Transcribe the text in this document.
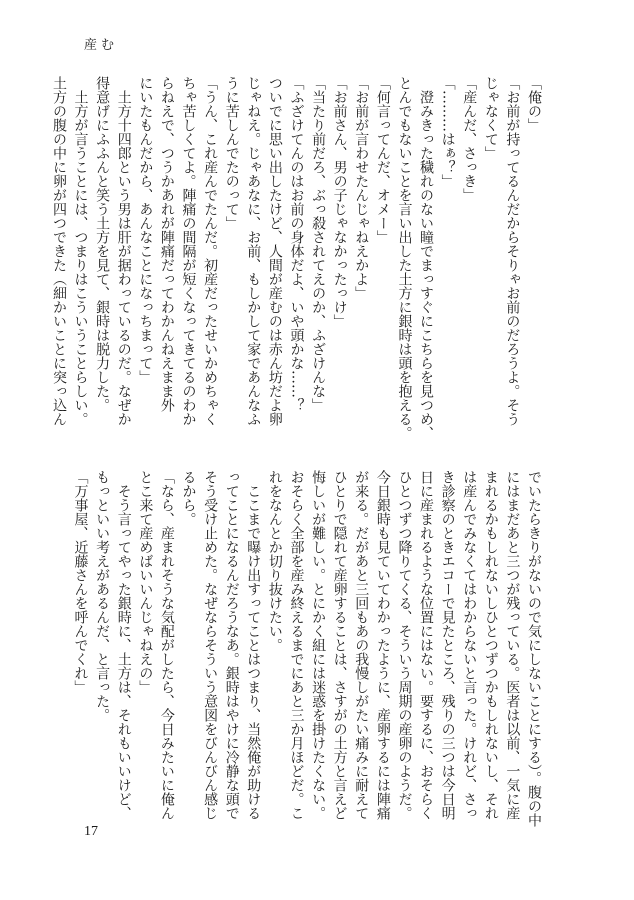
産む
「俺の」
「お前が持ってるんだからそりゃお前のだろうよ。そう
じゃなくて」
「産んだ、さっき」
「………はぁ？」
　澄みきった穢れのない瞳でまっすぐにこちらを見つめ、
とんでもないことを言い出した土方に銀時は頭を抱える。
「何言ってんだ、オメー」
「お前が言わせたんじゃねえかよ」
「お前さん、男の子じゃなかったっけ」
「当たり前だろ、ぶっ殺されてえのか、ふざけんな」
「ふざけてんのはお前の身体だよ、いや頭かな……？
ついでに思い出したけど、人間が産むのは赤ん坊だよ卵
じゃねえ。じゃあなに、お前、もしかして家であんなふ
うに苦しんでたのって」
「うん、これ産んでたんだ。初産だったせいかめちゃく
ちゃ苦しくてよ。陣痛の間隔が短くなってきてるのわか
らねえで、つうかあれが陣痛だってわかんねえまま外
にいたもんだから、あんなことになっちまって」
　土方十四郎という男は肝が据わっているのだ。なぜか
得意げにふふんと笑う土方を見て、銀時は脱力した。
　土方が言うことには、つまりはこういうことらしい。
土方の腹の中に卵が四つできた（細かいことに突っ込ん
でいたらきりがないので気にしないことにする）。腹の中
にはまだあと三つが残っている。医者は以前、一気に産
まれるかもしれないしひとつずつかもしれないし、それ
は産んでみなくてはわからないと言った。けれど、さっ
き診察のときエコーで見たところ、残りの三つは今日明
日に産まれるような位置にはない。要するに、おそらく
ひとつずつ降りてくる、そういう周期の産卵のようだ。
今日銀時も見ていてわかったように、産卵するには陣痛
が来る。だがあと三回もあの我慢しがたい痛みに耐えて
ひとりで隠れて産卵することは、さすがの土方と言えど
悔しいが難しい。とにかく組には迷惑を掛けたくない。
おそらく全部を産み終えるまでにあと三か月ほどだ。こ
れをなんとか切り抜けたい。
　ここまで曝け出すってことはつまり、当然俺が助ける
ってことになるんだろうなあ。銀時はやけに冷静な頭で
そう受け止めた。なぜならそういう意図をびんびん感じ
るから。
「なら、産まれそうな気配がしたら、今日みたいに俺ん
とこ来て産めばいいんじゃねえの」
　そう言ってやった銀時に、土方は、それもいいけど、
もっといい考えがあるんだ、と言った。
「万事屋、近藤さんを呼んでくれ」
17
